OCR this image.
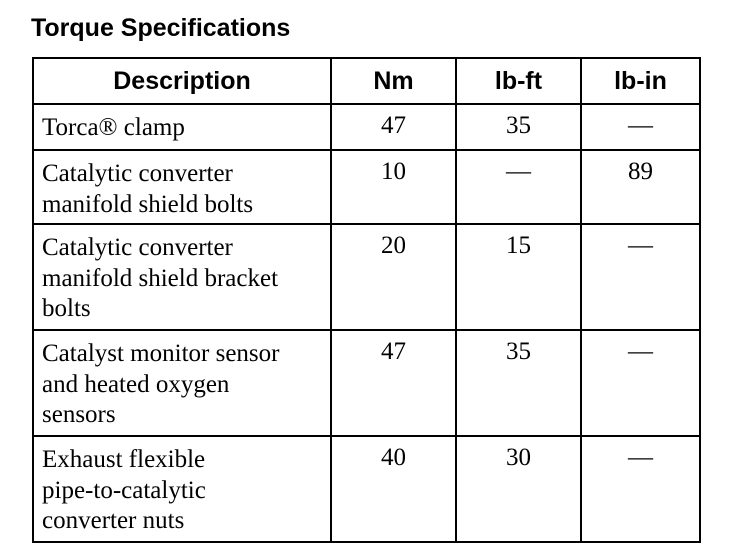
Torque Specifications
Description	Nm	lb-ft	lb-in

Torca® clamp	47	35	—

Catalytic converter
manifold shield bolts	10	—	89

Catalytic converter
manifold shield bracket
bolts	20	15	—

Catalyst monitor sensor
and heated oxygen
sensors	47	35	—

Exhaust flexible
pipe-to-catalytic
converter nuts	40	30	—
